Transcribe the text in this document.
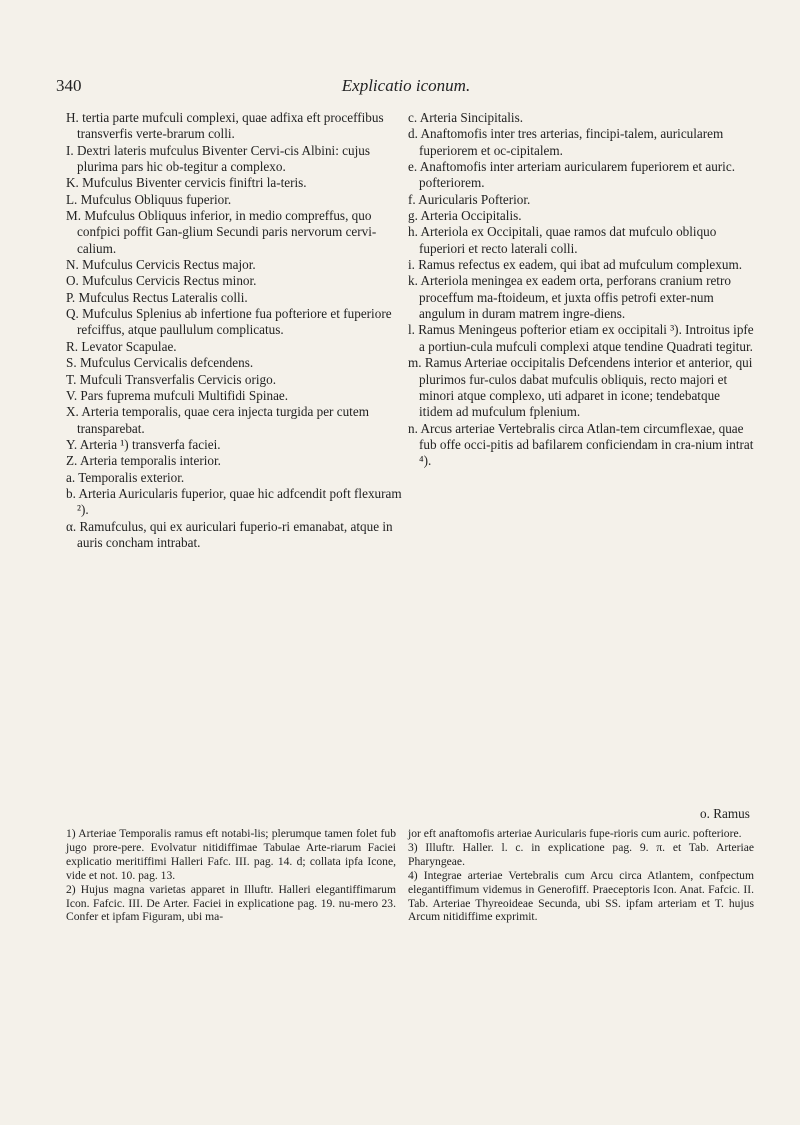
340	Explicatio iconum.

H. tertia parte mufculi complexi, quae adfixa eft proceffibus transverfis verte-brarum colli.

I. Dextri lateris mufculus Biventer Cervi-cis Albini: cujus plurima pars hic ob-tegitur a complexo.

K. Mufculus Biventer cervicis finiftri la-teris.

L. Mufculus Obliquus fuperior.

M. Mufculus Obliquus inferior, in medio compreffus, quo confpici poffit Gan-glium Secundi paris nervorum cervi-calium.

N. Mufculus Cervicis Rectus major.

O. Mufculus Cervicis Rectus minor.

P. Mufculus Rectus Lateralis colli.

Q. Mufculus Splenius ab infertione fua pofteriore et fuperiore refciffus, atque paullulum complicatus.

R. Levator Scapulae.

S. Mufculus Cervicalis defcendens.

T. Mufculi Transverfalis Cervicis origo.

V. Pars fuprema mufculi Multifidi Spinae.

X. Arteria temporalis, quae cera injecta turgida per cutem transparebat.

Y. Arteria ¹) transverfa faciei.

Z. Arteria temporalis interior.

a. Temporalis exterior.

b. Arteria Auricularis fuperior, quae hic adfcendit poft flexuram ²).

α. Ramufculus, qui ex auriculari fuperio-ri emanabat, atque in auris concham intrabat.

c. Arteria Sincipitalis.

d. Anaftomofis inter tres arterias, fincipi-talem, auricularem fuperiorem et oc-cipitalem.

e. Anaftomofis inter arteriam auricularem fuperiorem et auric. pofteriorem.

f. Auricularis Pofterior.

g. Arteria Occipitalis.

h. Arteriola ex Occipitali, quae ramos dat mufculo obliquo fuperiori et recto laterali colli.

i. Ramus refectus ex eadem, qui ibat ad mufculum complexum.

k. Arteriola meningea ex eadem orta, perforans cranium retro proceffum ma-ftoideum, et juxta offis petrofi exter-num angulum in duram matrem ingre-diens.

l. Ramus Meningeus pofterior etiam ex occipitali ³). Introitus ipfe a portiun-cula mufculi complexi atque tendine Quadrati tegitur.

m. Ramus Arteriae occipitalis Defcendens interior et anterior, qui plurimos fur-culos dabat mufculis obliquis, recto majori et minori atque complexo, uti adparet in icone; tendebatque itidem ad mufculum fplenium.

n. Arcus arteriae Vertebralis circa Atlan-tem circumflexae, quae fub offe occi-pitis ad bafilarem conficiendam in cra-nium intrat ⁴).

o. Ramus

1) Arteriae Temporalis ramus eft notabi-lis; plerumque tamen folet fub jugo prore-pere. Evolvatur nitidiffimae Tabulae Arte-riarum Faciei explicatio meritiffimi Halleri Fafc. III. pag. 14. d; collata ipfa Icone, vide et not. 10. pag. 13.

2) Hujus magna varietas apparet in Illuftr. Halleri elegantiffimarum Icon. Fafcic. III. De Arter. Faciei in explicatione pag. 19. nu-mero 23. Confer et ipfam Figuram, ubi ma-

jor eft anaftomofis arteriae Auricularis fupe-rioris cum auric. pofteriore.

3) Illuftr. Haller. l. c. in explicatione pag. 9. π. et Tab. Arteriae Pharyngeae.

4) Integrae arteriae Vertebralis cum Arcu circa Atlantem, confpectum elegantiffimum videmus in Generofiff. Praeceptoris Icon. Anat. Fafcic. II. Tab. Arteriae Thyreoideae Secunda, ubi SS. ipfam arteriam et T. hujus Arcum nitidiffime exprimit.
